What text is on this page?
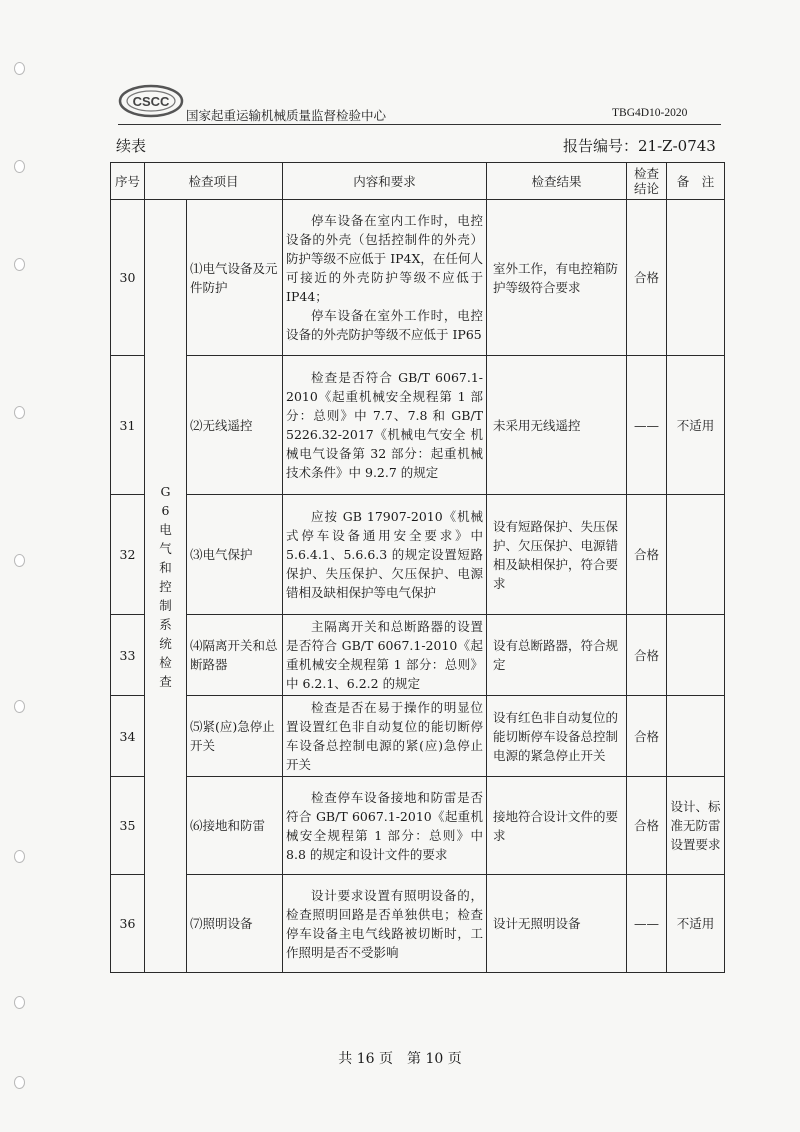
CSCC
国家起重运输机械质量监督检验中心	TBG4D10-2020
续表	报告编号：21-Z-0743
序号	检查项目		内容和要求	检查结果	检查结论	备　注
30	G6电气和控制系统检查	⑴电气设备及元件防护	停车设备在室内工作时，电控设备的外壳（包括控制件的外壳）防护等级不应低于 IP4X，在任何人可接近的外壳防护等级不应低于 IP44；

停车设备在室外工作时，电控设备的外壳防护等级不应低于 IP65	室外工作，有电控箱防护等级符合要求	合格	
31		⑵无线遥控	检查是否符合 GB/T 6067.1-2010《起重机械安全规程第 1 部分：总则》中 7.7、7.8 和 GB/T 5226.32-2017《机械电气安全 机械电气设备第 32 部分：起重机械技术条件》中 9.2.7 的规定	未采用无线遥控	——	不适用
32		⑶电气保护	应按 GB 17907-2010《机械式停车设备通用安全要求》中 5.6.4.1、5.6.6.3 的规定设置短路保护、失压保护、欠压保护、电源错相及缺相保护等电气保护	设有短路保护、失压保护、欠压保护、电源错相及缺相保护，符合要求	合格	
33		⑷隔离开关和总断路器	主隔离开关和总断路器的设置是否符合 GB/T 6067.1-2010《起重机械安全规程第 1 部分：总则》中 6.2.1、6.2.2 的规定	设有总断路器，符合规定	合格	
34		⑸紧(应)急停止开关	检查是否在易于操作的明显位置设置红色非自动复位的能切断停车设备总控制电源的紧(应)急停止开关	设有红色非自动复位的能切断停车设备总控制电源的紧急停止开关	合格	
35		⑹接地和防雷	检查停车设备接地和防雷是否符合 GB/T 6067.1-2010《起重机械安全规程第 1 部分：总则》中 8.8 的规定和设计文件的要求	接地符合设计文件的要求	合格	设计、标准无防雷设置要求
36		⑺照明设备	设计要求设置有照明设备的，检查照明回路是否单独供电；检查停车设备主电气线路被切断时，工作照明是否不受影响	设计无照明设备	——	不适用
共 16 页　第 10 页
